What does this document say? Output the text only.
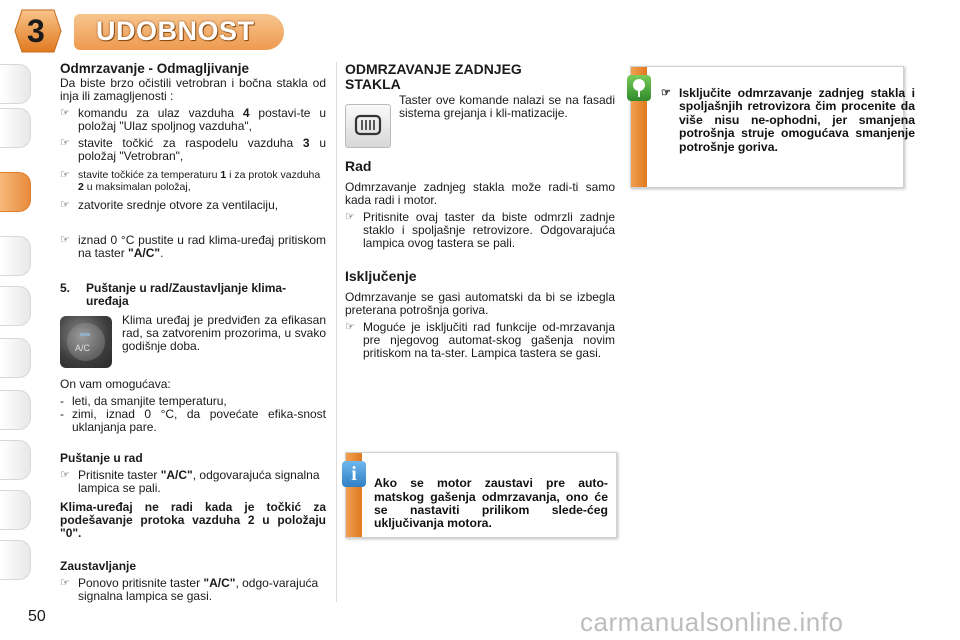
3 UDOBNOST

Odmrzavanje - Odmagljivanje

Da biste brzo očistili vetrobran i bočna stakla od inja ili zamagljenosti :

☞ komandu za ulaz vazduha 4 postavi-te u položaj "Ulaz spoljnog vazduha",
☞ stavite točkić za raspodelu vazduha 3 u položaj "Vetrobran",
☞ stavite točkiće za temperaturu 1 i za protok vazduha 2 u maksimalan položaj,
☞ zatvorite srednje otvore za ventilaciju,
☞ iznad 0 °C pustite u rad klima-uređaj pritiskom na taster "A/C".
5. Puštanje u rad/Zaustavljanje klima-uređaja
A/C

Klima uređaj je predviđen za efikasan rad, sa zatvorenim prozorima, u svako godišnje doba.

On vam omogućava:

- leti, da smanjite temperaturu,
- zimi, iznad 0 °C, da povećate efika-snost uklanjanja pare.

Puštanje u rad

☞ Pritisnite taster "A/C", odgovarajuća signalna lampica se pali.

Klima-uređaj ne radi kada je točkić za podešavanje protoka vazduha 2 u položaju "0".

Zaustavljanje

☞ Ponovo pritisnite taster "A/C", odgo-varajuća signalna lampica se gasi.

ODMRZAVANJE ZADNJEG STAKLA

Taster ove komande nalazi se na fasadi sistema grejanja i kli-matizacije.

Rad

Odmrzavanje zadnjeg stakla može radi-ti samo kada radi i motor.

☞ Pritisnite ovaj taster da biste odmrzli zadnje staklo i spoljašnje retrovizore. Odgovarajuća lampica ovog tastera se pali.

Isključenje

Odmrzavanje se gasi automatski da bi se izbegla preterana potrošnja goriva.

☞ Moguće je isključiti rad funkcije od-mrzavanja pre njegovog automat-skog gašenja novim pritiskom na ta-ster. Lampica tastera se gasi.
i	Ako se motor zaustavi pre auto-matskog gašenja odmrzavanja, ono će se nastaviti prilikom slede-ćeg uključivanja motora.

☞ Isključite odmrzavanje zadnjeg stakla i spoljašnjih retrovizora čim procenite da više nisu ne-ophodni, jer smanjena potrošnja struje omogućava smanjenje potrošnje goriva.
50	carmanualsonline.info
